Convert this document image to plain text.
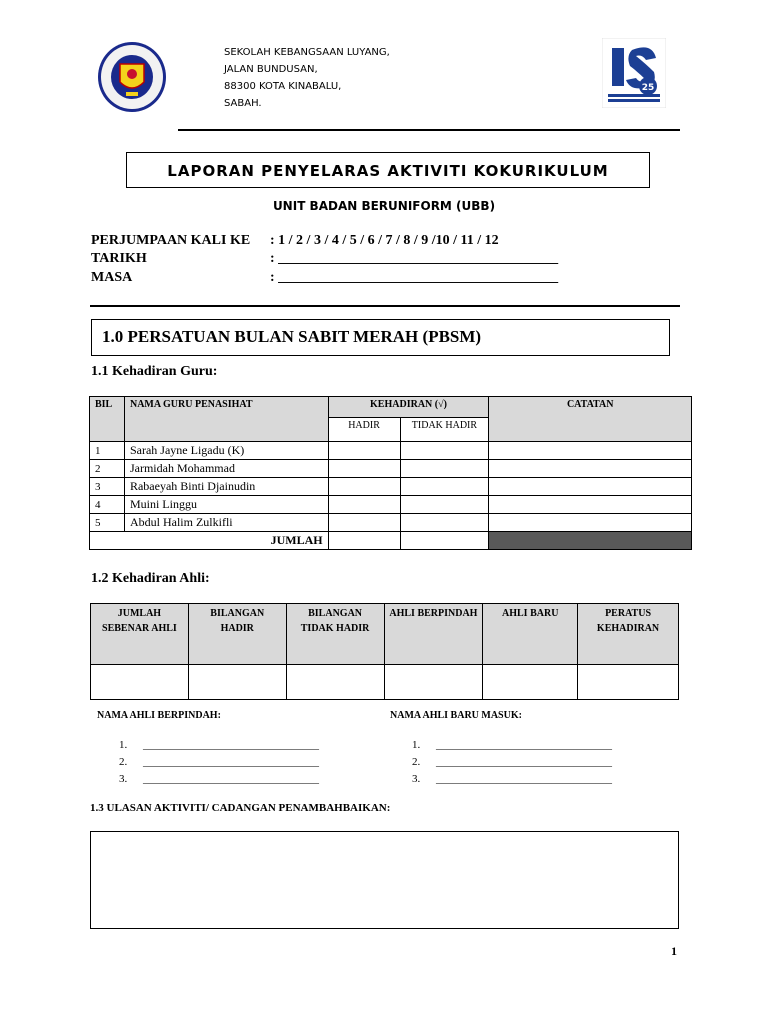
SEKOLAH KEBANGSAAN LUYANG,
JALAN BUNDUSAN,
88300 KOTA KINABALU,
SABAH.
25
LAPORAN PENYELARAS AKTIVITI KOKURIKULUM
UNIT BADAN BERUNIFORM (UBB)
PERJUMPAAN KALI KE : 1 / 2 / 3 / 4 / 5 / 6 / 7 / 8 / 9 /10 / 11 / 12
TARIKH	: ________________________________________
MASA	: ________________________________________
1.0 PERSATUAN BULAN SABIT MERAH (PBSM)
1.1 Kehadiran Guru:
BIL	NAMA GURU PENASIHAT	KEHADIRAN (√)		CATATAN
		HADIR	TIDAK HADIR	
1	Sarah Jayne Ligadu (K)			
2	Jarmidah Mohammad			
3	Rabaeyah Binti Djainudin			
4	Muini Linggu			
5	Abdul Halim Zulkifli			
JUMLAH				
1.2 Kehadiran Ahli:
JUMLAH SEBENAR AHLI	BILANGAN HADIR	BILANGAN TIDAK HADIR	AHLI BERPINDAH	AHLI BARU	PERATUS KEHADIRAN

NAMA AHLI BERPINDAH:	NAMA AHLI BARU MASUK:
1. ________________________________
2. ________________________________
3. ________________________________
1. ________________________________
2. ________________________________
3. ________________________________
1.3 ULASAN AKTIVITI/ CADANGAN PENAMBAHBAIKAN:
1
